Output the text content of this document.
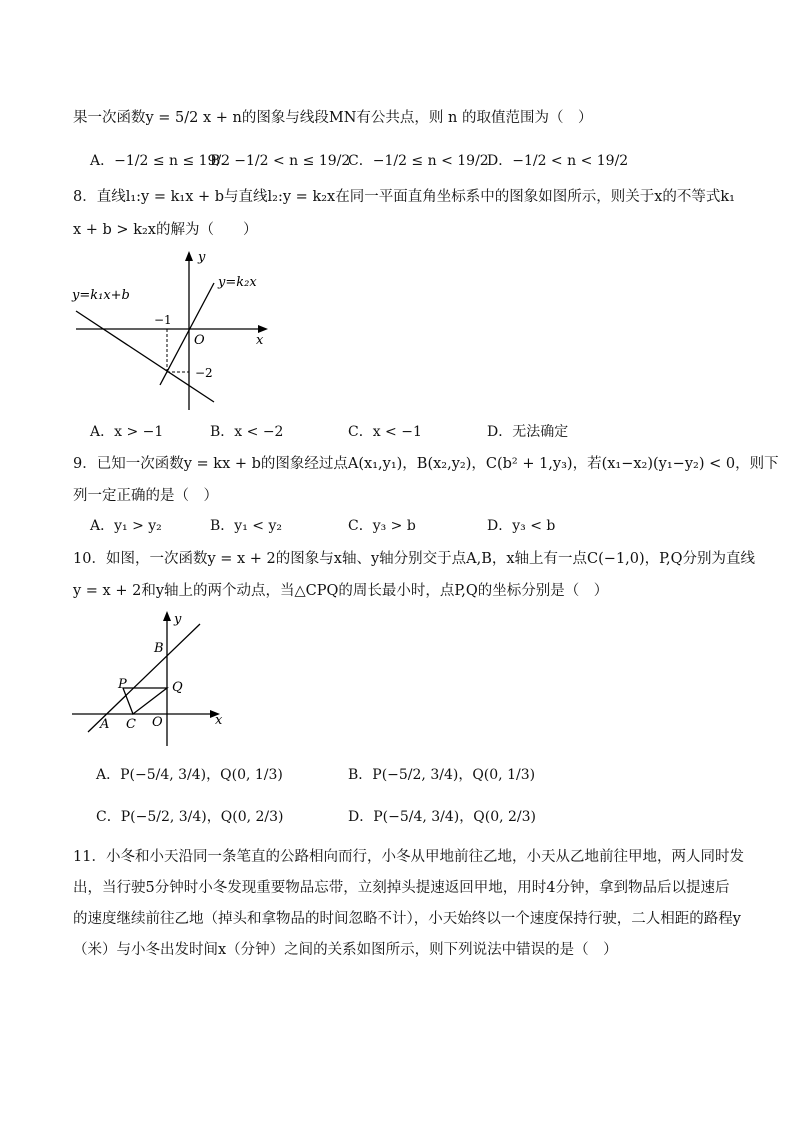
果一次函数y = 5/2 x + n的图象与线段MN有公共点，则 n 的取值范围为（　）
A．−1/2 ≤ n ≤ 19/2
B．−1/2 < n ≤ 19/2
C．−1/2 ≤ n < 19/2
D．−1/2 < n < 19/2
8．直线l₁:y = k₁x + b与直线l₂:y = k₂x在同一平面直角坐标系中的图象如图所示，则关于x的不等式k₁
x + b > k₂x的解为（　　）
y=k₁x+b
y=k₂x
y
x
O
−1
−2
A．x > −1	B．x < −2	C．x < −1	D．无法确定
9．已知一次函数y = kx + b的图象经过点A(x₁,y₁)，B(x₂,y₂)，C(b² + 1,y₃)，若(x₁−x₂)(y₁−y₂) < 0，则下
列一定正确的是（　）
A．y₁ > y₂	B．y₁ < y₂	C．y₃ > b	D．y₃ < b
10．如图，一次函数y = x + 2的图象与x轴、y轴分别交于点A,B，x轴上有一点C(−1,0)，P,Q分别为直线
y = x + 2和y轴上的两个动点，当△CPQ的周长最小时，点P,Q的坐标分别是（　）
y
x
B
P	Q
A C O
A．P(−5/4, 3/4)，Q(0, 1/3)	B．P(−5/2, 3/4)，Q(0, 1/3)
C．P(−5/2, 3/4)，Q(0, 2/3)	D．P(−5/4, 3/4)，Q(0, 2/3)
11．小冬和小天沿同一条笔直的公路相向而行，小冬从甲地前往乙地，小天从乙地前往甲地，两人同时发
出，当行驶5分钟时小冬发现重要物品忘带，立刻掉头提速返回甲地，用时4分钟，拿到物品后以提速后
的速度继续前往乙地（掉头和拿物品的时间忽略不计），小天始终以一个速度保持行驶，二人相距的路程y
（米）与小冬出发时间x（分钟）之间的关系如图所示，则下列说法中错误的是（　）
